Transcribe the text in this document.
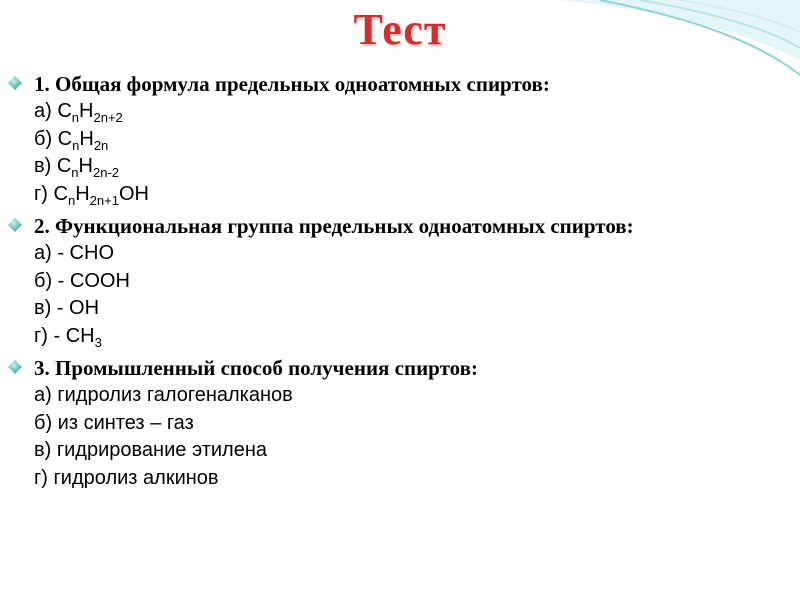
Тест
1. Общая формула предельных одноатомных спиртов:
а) $C_nH_{2n+2}$
б) $C_nH_{2n}$
в) $C_nH_{2n-2}$
г) $C_nH_{2n+1}OH$
2. Функциональная группа предельных одноатомных спиртов:
а) - CHO
б) - COOH
в) - OH
$г) - CH_3$
3. Промышленный способ получения спиртов:
а) гидролиз галогеналканов
б) из синтез – газ
в) гидрирование этилена
г) гидролиз алкинов
